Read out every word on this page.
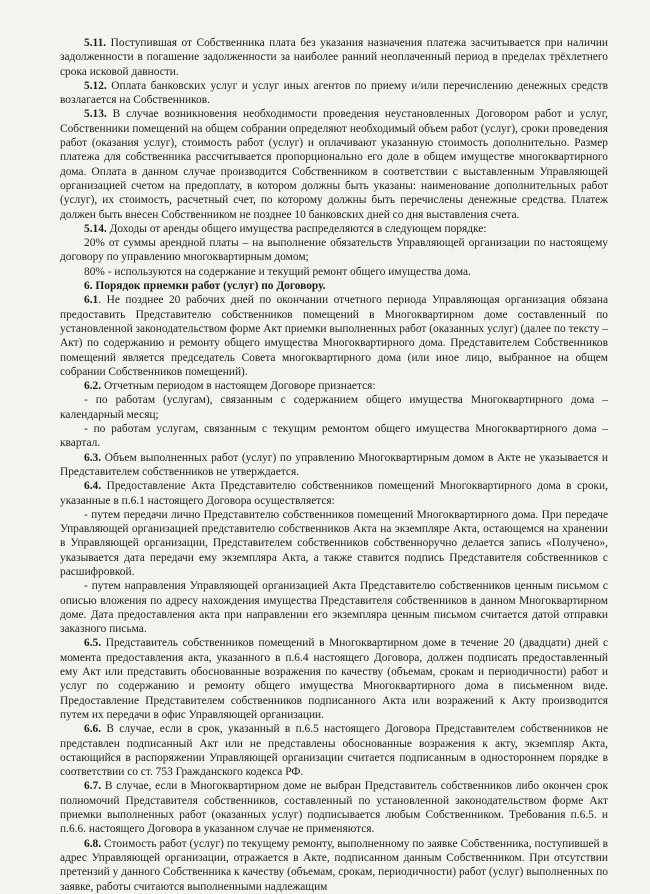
5.11. Поступившая от Собственника плата без указания назначения платежа засчитывается при наличии задолженности в погашение задолженности за наиболее ранний неоплаченный период в пределах трёхлетнего срока исковой давности.

5.12. Оплата банковских услуг и услуг иных агентов по приему и/или перечислению денежных средств возлагается на Собственников.

5.13. В случае возникновения необходимости проведения неустановленных Договором работ и услуг, Собственники помещений на общем собрании определяют необходимый объем работ (услуг), сроки проведения работ (оказания услуг), стоимость работ (услуг) и оплачивают указанную стоимость дополнительно. Размер платежа для собственника рассчитывается пропорционально его доле в общем имуществе многоквартирного дома. Оплата в данном случае производится Собственником в соответствии с выставленным Управляющей организацией счетом на предоплату, в котором должны быть указаны: наименование дополнительных работ (услуг), их стоимость, расчетный счет, по которому должны быть перечислены денежные средства. Платеж должен быть внесен Собственником не позднее 10 банковских дней со дня выставления счета.

5.14. Доходы от аренды общего имущества распределяются в следующем порядке:

20% от суммы арендной платы – на выполнение обязательств Управляющей организации по настоящему договору по управлению многоквартирным домом;

80% - используются на содержание и текущий ремонт общего имущества дома.

6. Порядок приемки работ (услуг) по Договору.

6.1. Не позднее 20 рабочих дней по окончании отчетного периода Управляющая организация обязана предоставить Представителю собственников помещений в Многоквартирном доме составленный по установленной законодательством форме Акт приемки выполненных работ (оказанных услуг) (далее по тексту – Акт) по содержанию и ремонту общего имущества Многоквартирного дома. Представителем Собственников помещений является председатель Совета многоквартирного дома (или иное лицо, выбранное на общем собрании Собственников помещений).

6.2. Отчетным периодом в настоящем Договоре признается:

- по работам (услугам), связанным с содержанием общего имущества Многоквартирного дома – календарный месяц;

- по работам услугам, связанным с текущим ремонтом общего имущества Многоквартирного дома – квартал.

6.3. Объем выполненных работ (услуг) по управлению Многоквартирным домом в Акте не указывается и Представителем собственников не утверждается.

6.4. Предоставление Акта Представителю собственников помещений Многоквартирного дома в сроки, указанные в п.6.1 настоящего Договора осуществляется:

- путем передачи лично Представителю собственников помещений Многоквартирного дома. При передаче Управляющей организацией представителю собственников Акта на экземпляре Акта, остающемся на хранении в Управляющей организации, Представителем собственников собственноручно делается запись «Получено», указывается дата передачи ему экземпляра Акта, а также ставится подпись Представителя собственников с расшифровкой.

- путем направления Управляющей организацией Акта Представителю собственников ценным письмом с описью вложения по адресу нахождения имущества Представителя собственников в данном Многоквартирном доме. Дата предоставления акта при направлении его экземпляра ценным письмом считается датой отправки заказного письма.

6.5. Представитель собственников помещений в Многоквартирном доме в течение 20 (двадцати) дней с момента предоставления акта, указанного в п.6.4 настоящего Договора, должен подписать предоставленный ему Акт или представить обоснованные возражения по качеству (объемам, срокам и периодичности) работ и услуг по содержанию и ремонту общего имущества Многоквартирного дома в письменном виде. Предоставление Представителем собственников подписанного Акта или возражений к Акту производится путем их передачи в офис Управляющей организации.

6.6. В случае, если в срок, указанный в п.6.5 настоящего Договора Представителем собственников не представлен подписанный Акт или не представлены обоснованные возражения к акту, экземпляр Акта, остающийся в распоряжении Управляющей организации считается подписанным в одностороннем порядке в соответствии со ст. 753 Гражданского кодекса РФ.

6.7. В случае, если в Многоквартирном доме не выбран Представитель собственников либо окончен срок полномочий Представителя собственников, составленный по установленной законодательством форме Акт приемки выполненных работ (оказанных услуг) подписывается любым Собственником. Требования п.6.5. и п.6.6. настоящего Договора в указанном случае не применяются.

6.8. Стоимость работ (услуг) по текущему ремонту, выполненному по заявке Собственника, поступившей в адрес Управляющей организации, отражается в Акте, подписанном данным Собственником. При отсутствии претензий у данного Собственника к качеству (объемам, срокам, периодичности) работ (услуг) выполненных по заявке, работы считаются выполненными надлежащим
